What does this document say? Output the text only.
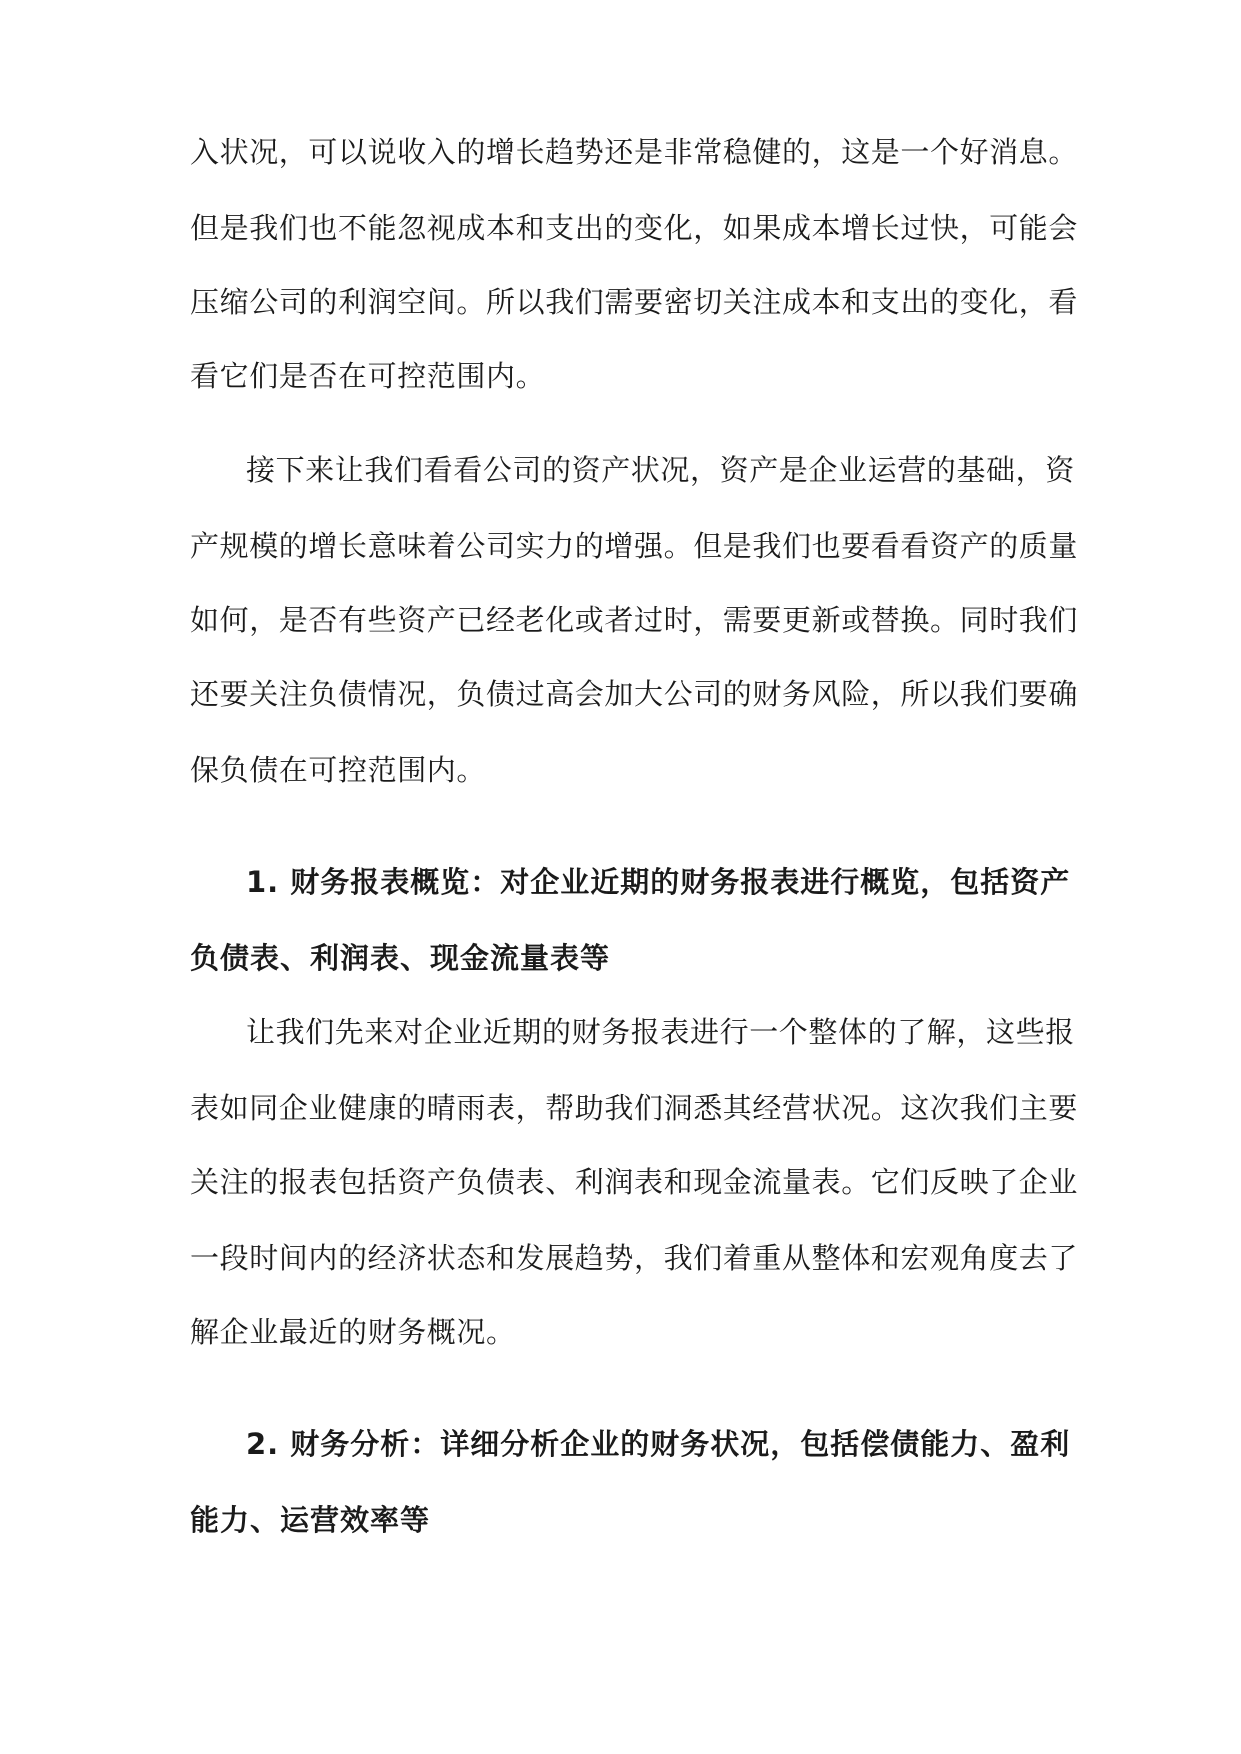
入状况，可以说收入的增长趋势还是非常稳健的，这是一个好消息。
但是我们也不能忽视成本和支出的变化，如果成本增长过快，可能会
压缩公司的利润空间。所以我们需要密切关注成本和支出的变化，看
看它们是否在可控范围内。
接下来让我们看看公司的资产状况，资产是企业运营的基础，资
产规模的增长意味着公司实力的增强。但是我们也要看看资产的质量
如何，是否有些资产已经老化或者过时，需要更新或替换。同时我们
还要关注负债情况，负债过高会加大公司的财务风险，所以我们要确
保负债在可控范围内。
1. 财务报表概览：对企业近期的财务报表进行概览，包括资产
负债表、利润表、现金流量表等
让我们先来对企业近期的财务报表进行一个整体的了解，这些报
表如同企业健康的晴雨表，帮助我们洞悉其经营状况。这次我们主要
关注的报表包括资产负债表、利润表和现金流量表。它们反映了企业
一段时间内的经济状态和发展趋势，我们着重从整体和宏观角度去了
解企业最近的财务概况。
2. 财务分析：详细分析企业的财务状况，包括偿债能力、盈利
能力、运营效率等
